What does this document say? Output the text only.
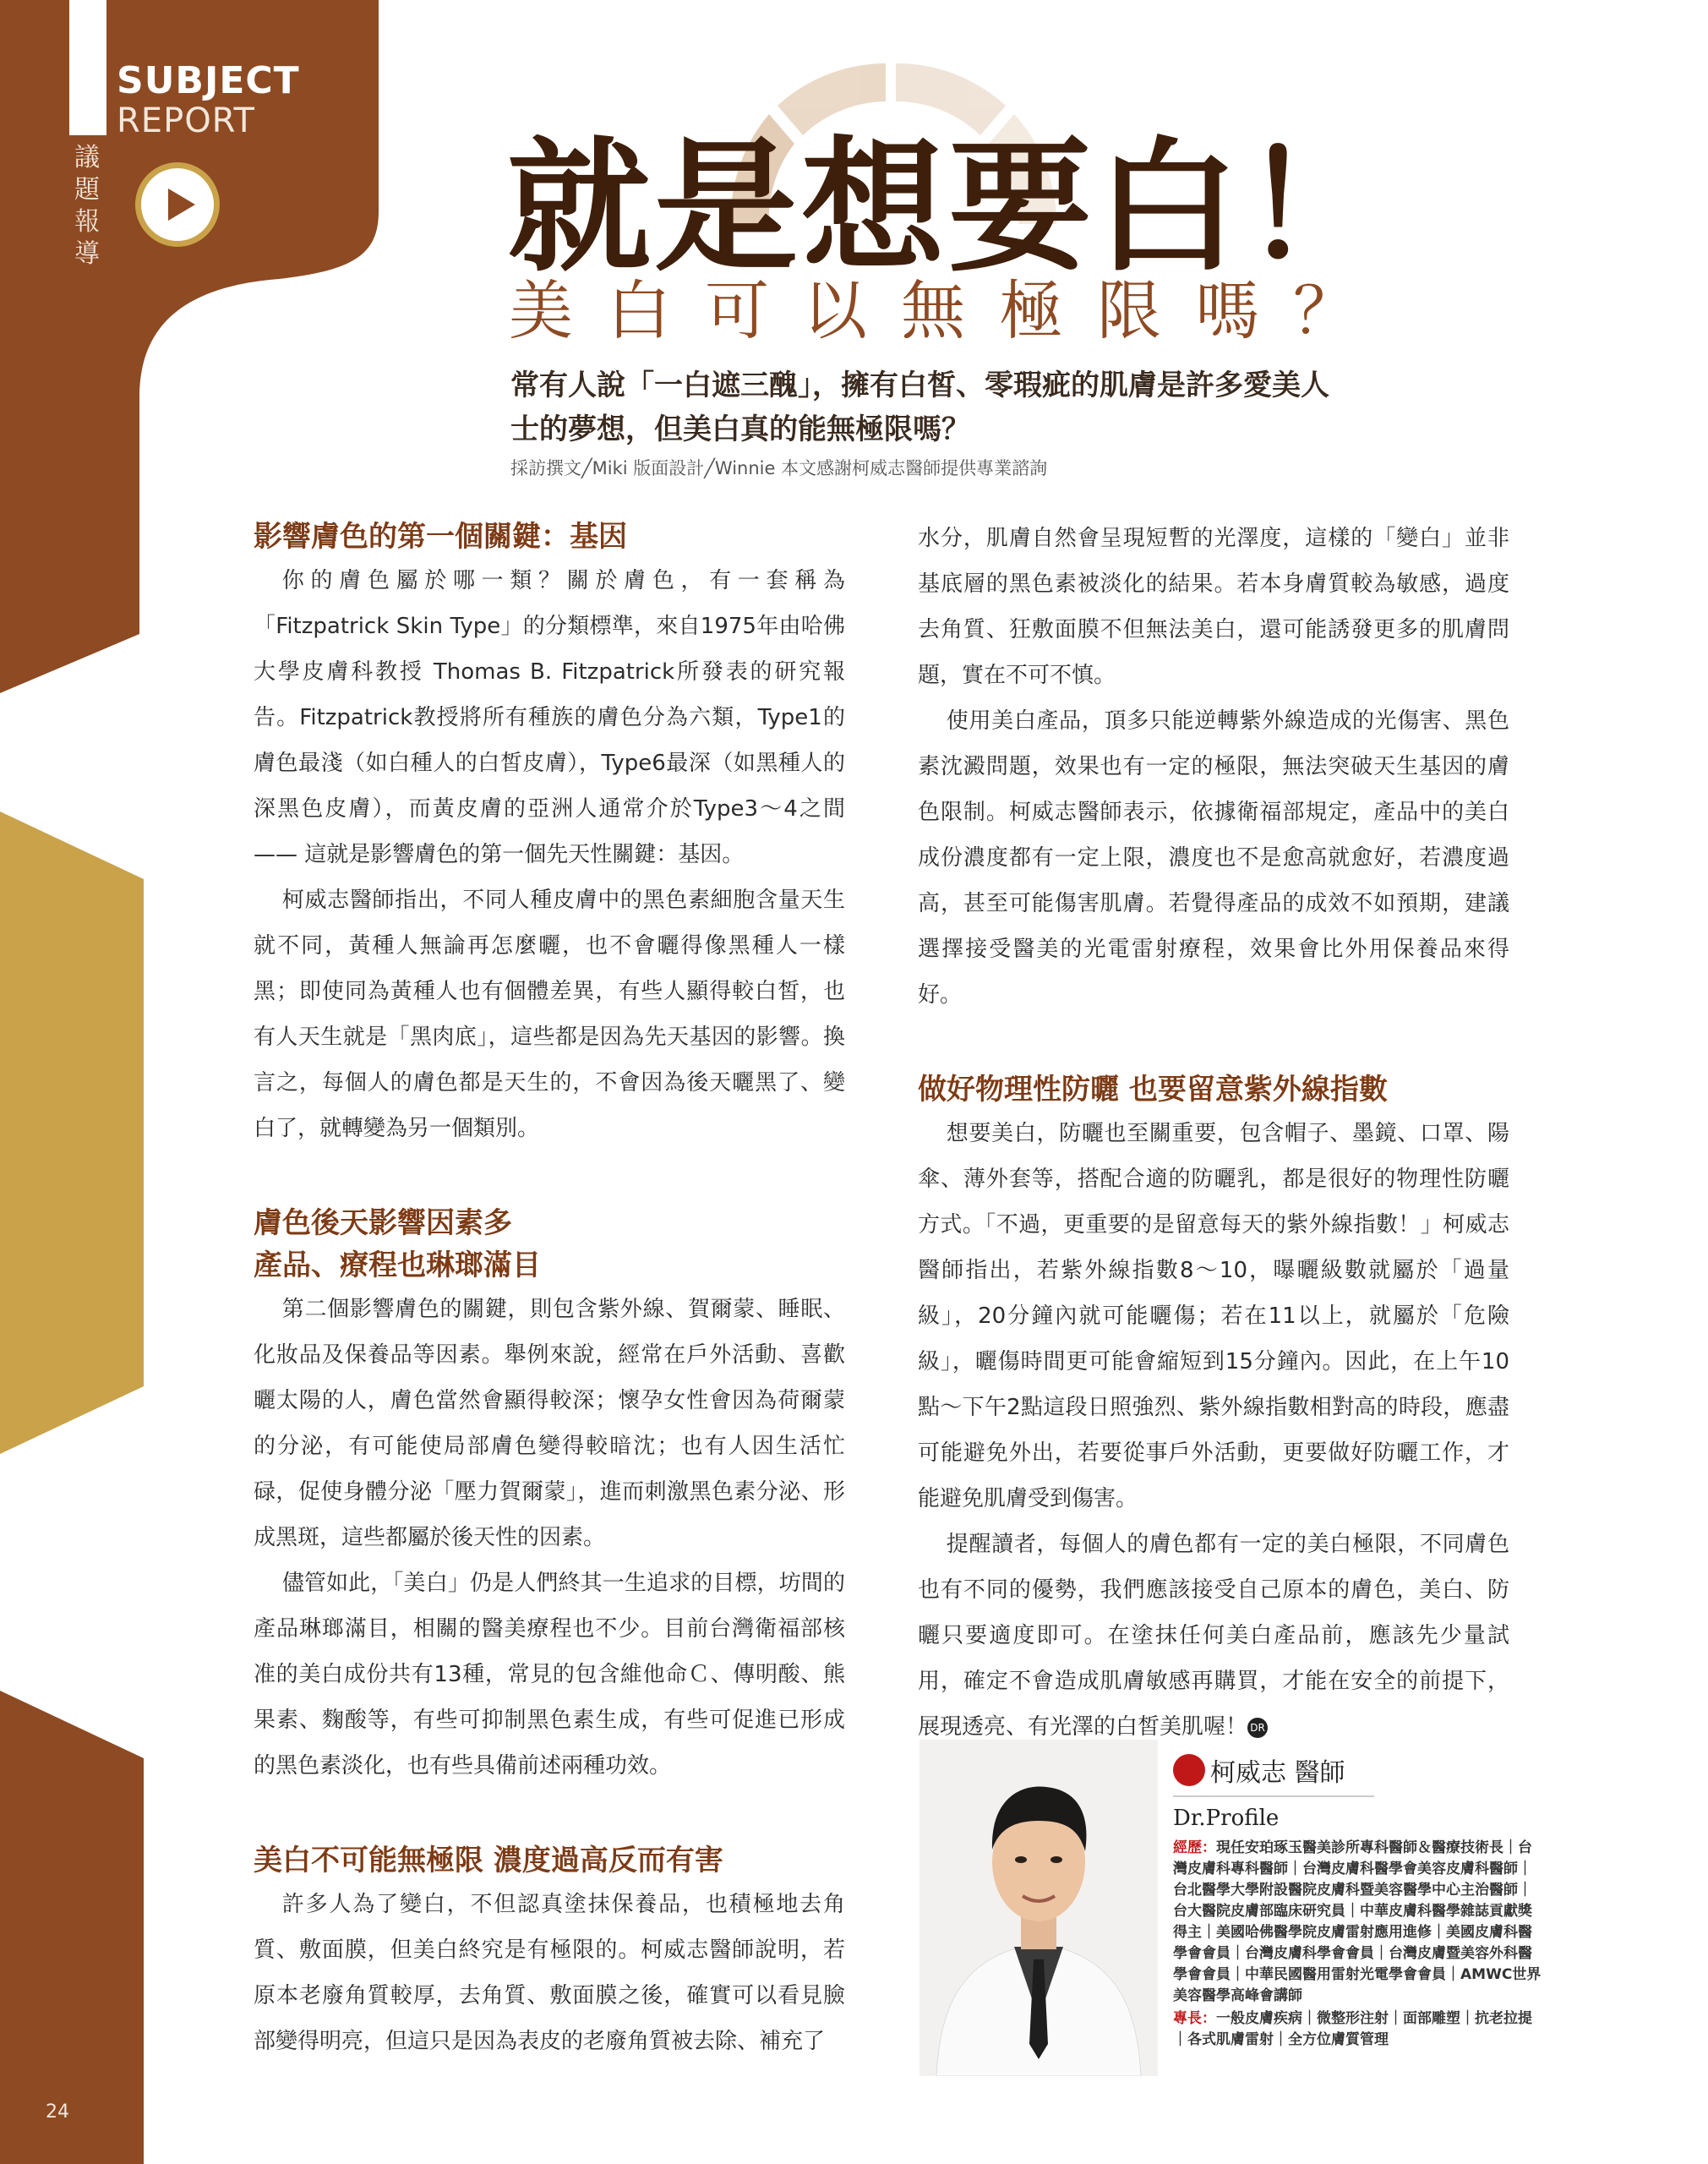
SUBJECT
REPORT
議題報導	就是想要白！
美白可以無極限嗎？
常有人說「一白遮三醜」，擁有白皙、零瑕疵的肌膚是許多愛美人士的夢想，但美白真的能無極限嗎？
採訪撰文╱Miki 版面設計╱Winnie 本文感謝柯威志醫師提供專業諮詢
影響膚色的第一個關鍵：基因

你的膚色屬於哪一類？關於膚色，有一套稱為「Fitzpatrick Skin Type」的分類標準，來自1975年由哈佛大學皮膚科教授 Thomas B. Fitzpatrick所發表的研究報告。Fitzpatrick教授將所有種族的膚色分為六類，Type1的膚色最淺（如白種人的白皙皮膚），Type6最深（如黑種人的深黑色皮膚），而黃皮膚的亞洲人通常介於Type3～4之間 —— 這就是影響膚色的第一個先天性關鍵：基因。

柯威志醫師指出，不同人種皮膚中的黑色素細胞含量天生就不同，黃種人無論再怎麼曬，也不會曬得像黑種人一樣黑；即使同為黃種人也有個體差異，有些人顯得較白皙，也有人天生就是「黑肉底」，這些都是因為先天基因的影響。換言之，每個人的膚色都是天生的，不會因為後天曬黑了、變白了，就轉變為另一個類別。

膚色後天影響因素多
產品、療程也琳瑯滿目

第二個影響膚色的關鍵，則包含紫外線、賀爾蒙、睡眠、化妝品及保養品等因素。舉例來說，經常在戶外活動、喜歡曬太陽的人，膚色當然會顯得較深；懷孕女性會因為荷爾蒙的分泌，有可能使局部膚色變得較暗沈；也有人因生活忙碌，促使身體分泌「壓力賀爾蒙」，進而刺激黑色素分泌、形成黑斑，這些都屬於後天性的因素。

儘管如此，「美白」仍是人們終其一生追求的目標，坊間的產品琳瑯滿目，相關的醫美療程也不少。目前台灣衛福部核准的美白成份共有13種，常見的包含維他命Ｃ、傳明酸、熊果素、麴酸等，有些可抑制黑色素生成，有些可促進已形成的黑色素淡化，也有些具備前述兩種功效。

美白不可能無極限 濃度過高反而有害

許多人為了變白，不但認真塗抹保養品，也積極地去角質、敷面膜，但美白終究是有極限的。柯威志醫師說明，若原本老廢角質較厚，去角質、敷面膜之後，確實可以看見臉部變得明亮，但這只是因為表皮的老廢角質被去除、補充了

水分，肌膚自然會呈現短暫的光澤度，這樣的「變白」並非基底層的黑色素被淡化的結果。若本身膚質較為敏感，過度去角質、狂敷面膜不但無法美白，還可能誘發更多的肌膚問題，實在不可不慎。

使用美白產品，頂多只能逆轉紫外線造成的光傷害、黑色素沈澱問題，效果也有一定的極限，無法突破天生基因的膚色限制。柯威志醫師表示，依據衛福部規定，產品中的美白成份濃度都有一定上限，濃度也不是愈高就愈好，若濃度過高，甚至可能傷害肌膚。若覺得產品的成效不如預期，建議選擇接受醫美的光電雷射療程，效果會比外用保養品來得好。

做好物理性防曬 也要留意紫外線指數

想要美白，防曬也至關重要，包含帽子、墨鏡、口罩、陽傘、薄外套等，搭配合適的防曬乳，都是很好的物理性防曬方式。「不過，更重要的是留意每天的紫外線指數！」柯威志醫師指出，若紫外線指數8～10，曝曬級數就屬於「過量級」，20分鐘內就可能曬傷；若在11以上，就屬於「危險級」，曬傷時間更可能會縮短到15分鐘內。因此，在上午10點～下午2點這段日照強烈、紫外線指數相對高的時段，應盡可能避免外出，若要從事戶外活動，更要做好防曬工作，才能避免肌膚受到傷害。

提醒讀者，每個人的膚色都有一定的美白極限，不同膚色也有不同的優勢，我們應該接受自己原本的膚色，美白、防曬只要適度即可。在塗抹任何美白產品前，應該先少量試用，確定不會造成肌膚敏感再購買，才能在安全的前提下，展現透亮、有光澤的白皙美肌喔！ DR

柯威志 醫師
Dr.Profile

經歷：現任安珀琢玉醫美診所專科醫師＆醫療技術長｜台灣皮膚科專科醫師｜台灣皮膚科醫學會美容皮膚科醫師｜台北醫學大學附設醫院皮膚科暨美容醫學中心主治醫師｜台大醫院皮膚部臨床研究員｜中華皮膚科醫學雜誌貢獻獎得主｜美國哈佛醫學院皮膚雷射應用進修｜美國皮膚科醫學會會員｜台灣皮膚科學會會員｜台灣皮膚暨美容外科醫學會會員｜中華民國醫用雷射光電學會會員｜AMWC世界美容醫學高峰會講師

專長：一般皮膚疾病｜微整形注射｜面部雕塑｜抗老拉提｜各式肌膚雷射｜全方位膚質管理

24
